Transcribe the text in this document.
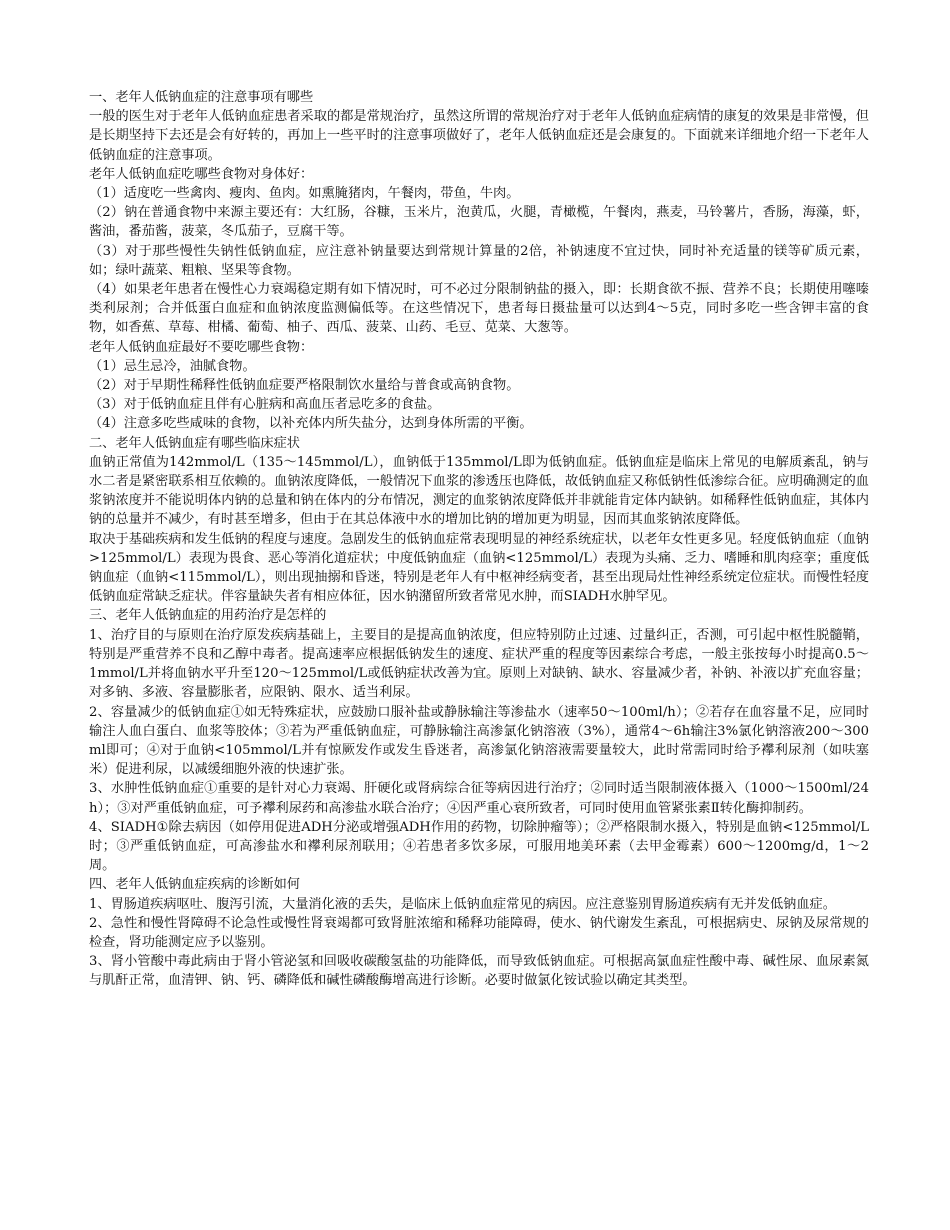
一、老年人低钠血症的注意事项有哪些

一般的医生对于老年人低钠血症患者采取的都是常规治疗，虽然这所谓的常规治疗对于老年人低钠血症病情的康复的效果是非常慢，但是长期坚持下去还是会有好转的，再加上一些平时的注意事项做好了，老年人低钠血症还是会康复的。下面就来详细地介绍一下老年人低钠血症的注意事项。

老年人低钠血症吃哪些食物对身体好：

（1）适度吃一些禽肉、瘦肉、鱼肉。如熏腌猪肉，午餐肉，带鱼，牛肉。

（2）钠在普通食物中来源主要还有：大红肠，谷糠，玉米片，泡黄瓜，火腿，青橄榄，午餐肉，燕麦，马铃薯片，香肠，海藻，虾，酱油，番茄酱，菠菜，冬瓜茄子，豆腐干等。

（3）对于那些慢性失钠性低钠血症，应注意补钠量要达到常规计算量的2倍，补钠速度不宜过快，同时补充适量的镁等矿质元素，如；绿叶蔬菜、粗粮、坚果等食物。

（4）如果老年患者在慢性心力衰竭稳定期有如下情况时，可不必过分限制钠盐的摄入，即：长期食欲不振、营养不良；长期使用噻嗪类利尿剂；合并低蛋白血症和血钠浓度监测偏低等。在这些情况下，患者每日摄盐量可以达到4～5克，同时多吃一些含钾丰富的食物，如香蕉、草莓、柑橘、葡萄、柚子、西瓜、菠菜、山药、毛豆、苋菜、大葱等。

老年人低钠血症最好不要吃哪些食物：

（1）忌生忌冷，油腻食物。

（2）对于早期性稀释性低钠血症要严格限制饮水量给与普食或高钠食物。

（3）对于低钠血症且伴有心脏病和高血压者忌吃多的食盐。

（4）注意多吃些咸味的食物，以补充体内所失盐分，达到身体所需的平衡。

二、老年人低钠血症有哪些临床症状

血钠正常值为142mmol/L（135～145mmol/L），血钠低于135mmol/L即为低钠血症。低钠血症是临床上常见的电解质紊乱，钠与水二者是紧密联系相互依赖的。血钠浓度降低，一般情况下血浆的渗透压也降低，故低钠血症又称低钠性低渗综合征。应明确测定的血浆钠浓度并不能说明体内钠的总量和钠在体内的分布情况，测定的血浆钠浓度降低并非就能肯定体内缺钠。如稀释性低钠血症，其体内钠的总量并不减少，有时甚至增多，但由于在其总体液中水的增加比钠的增加更为明显，因而其血浆钠浓度降低。

取决于基础疾病和发生低钠的程度与速度。急剧发生的低钠血症常表现明显的神经系统症状，以老年女性更多见。轻度低钠血症（血钠>125mmol/L）表现为畏食、恶心等消化道症状；中度低钠血症（血钠<125mmol/L）表现为头痛、乏力、嗜睡和肌肉痉挛；重度低钠血症（血钠<115mmol/L），则出现抽搦和昏迷，特别是老年人有中枢神经病变者，甚至出现局灶性神经系统定位症状。而慢性轻度低钠血症常缺乏症状。伴容量缺失者有相应体征，因水钠潴留所致者常见水肿，而SIADH水肿罕见。

三、老年人低钠血症的用药治疗是怎样的

1、治疗目的与原则在治疗原发疾病基础上，主要目的是提高血钠浓度，但应特别防止过速、过量纠正，否测，可引起中枢性脱髓鞘，特别是严重营养不良和乙醇中毒者。提高速率应根据低钠发生的速度、症状严重的程度等因素综合考虑，一般主张按每小时提高0.5～1mmol/L并将血钠水平升至120～125mmol/L或低钠症状改善为宜。原则上对缺钠、缺水、容量减少者，补钠、补液以扩充血容量；对多钠、多液、容量膨胀者，应限钠、限水、适当利尿。

2、容量减少的低钠血症①如无特殊症状，应鼓励口服补盐或静脉输注等渗盐水（速率50～100ml/h）；②若存在血容量不足，应同时输注人血白蛋白、血浆等胶体；③若为严重低钠血症，可静脉输注高渗氯化钠溶液（3%），通常4～6h输注3%氯化钠溶液200～300ml即可；④对于血钠<105mmol/L并有惊厥发作或发生昏迷者，高渗氯化钠溶液需要量较大，此时常需同时给予襻利尿剂（如呋塞米）促进利尿，以减缓细胞外液的快速扩张。

3、水肿性低钠血症①重要的是针对心力衰竭、肝硬化或肾病综合征等病因进行治疗；②同时适当限制液体摄入（1000～1500ml/24h）；③对严重低钠血症，可予襻利尿药和高渗盐水联合治疗；④因严重心衰所致者，可同时使用血管紧张素Ⅱ转化酶抑制药。

4、SIADH①除去病因（如停用促进ADH分泌或增强ADH作用的药物，切除肿瘤等）；②严格限制水摄入，特别是血钠<125mmol/L时；③严重低钠血症，可高渗盐水和襻利尿剂联用；④若患者多饮多尿，可服用地美环素（去甲金霉素）600～1200mg/d，1～2周。

四、老年人低钠血症疾病的诊断如何

1、胃肠道疾病呕吐、腹泻引流，大量消化液的丢失，是临床上低钠血症常见的病因。应注意鉴别胃肠道疾病有无并发低钠血症。

2、急性和慢性肾障碍不论急性或慢性肾衰竭都可致肾脏浓缩和稀释功能障碍，使水、钠代谢发生紊乱，可根据病史、尿钠及尿常规的检查，肾功能测定应予以鉴别。

3、肾小管酸中毒此病由于肾小管泌氢和回吸收碳酸氢盐的功能降低，而导致低钠血症。可根据高氯血症性酸中毒、碱性尿、血尿素氮与肌酐正常，血清钾、钠、钙、磷降低和碱性磷酸酶增高进行诊断。必要时做氯化铵试验以确定其类型。
